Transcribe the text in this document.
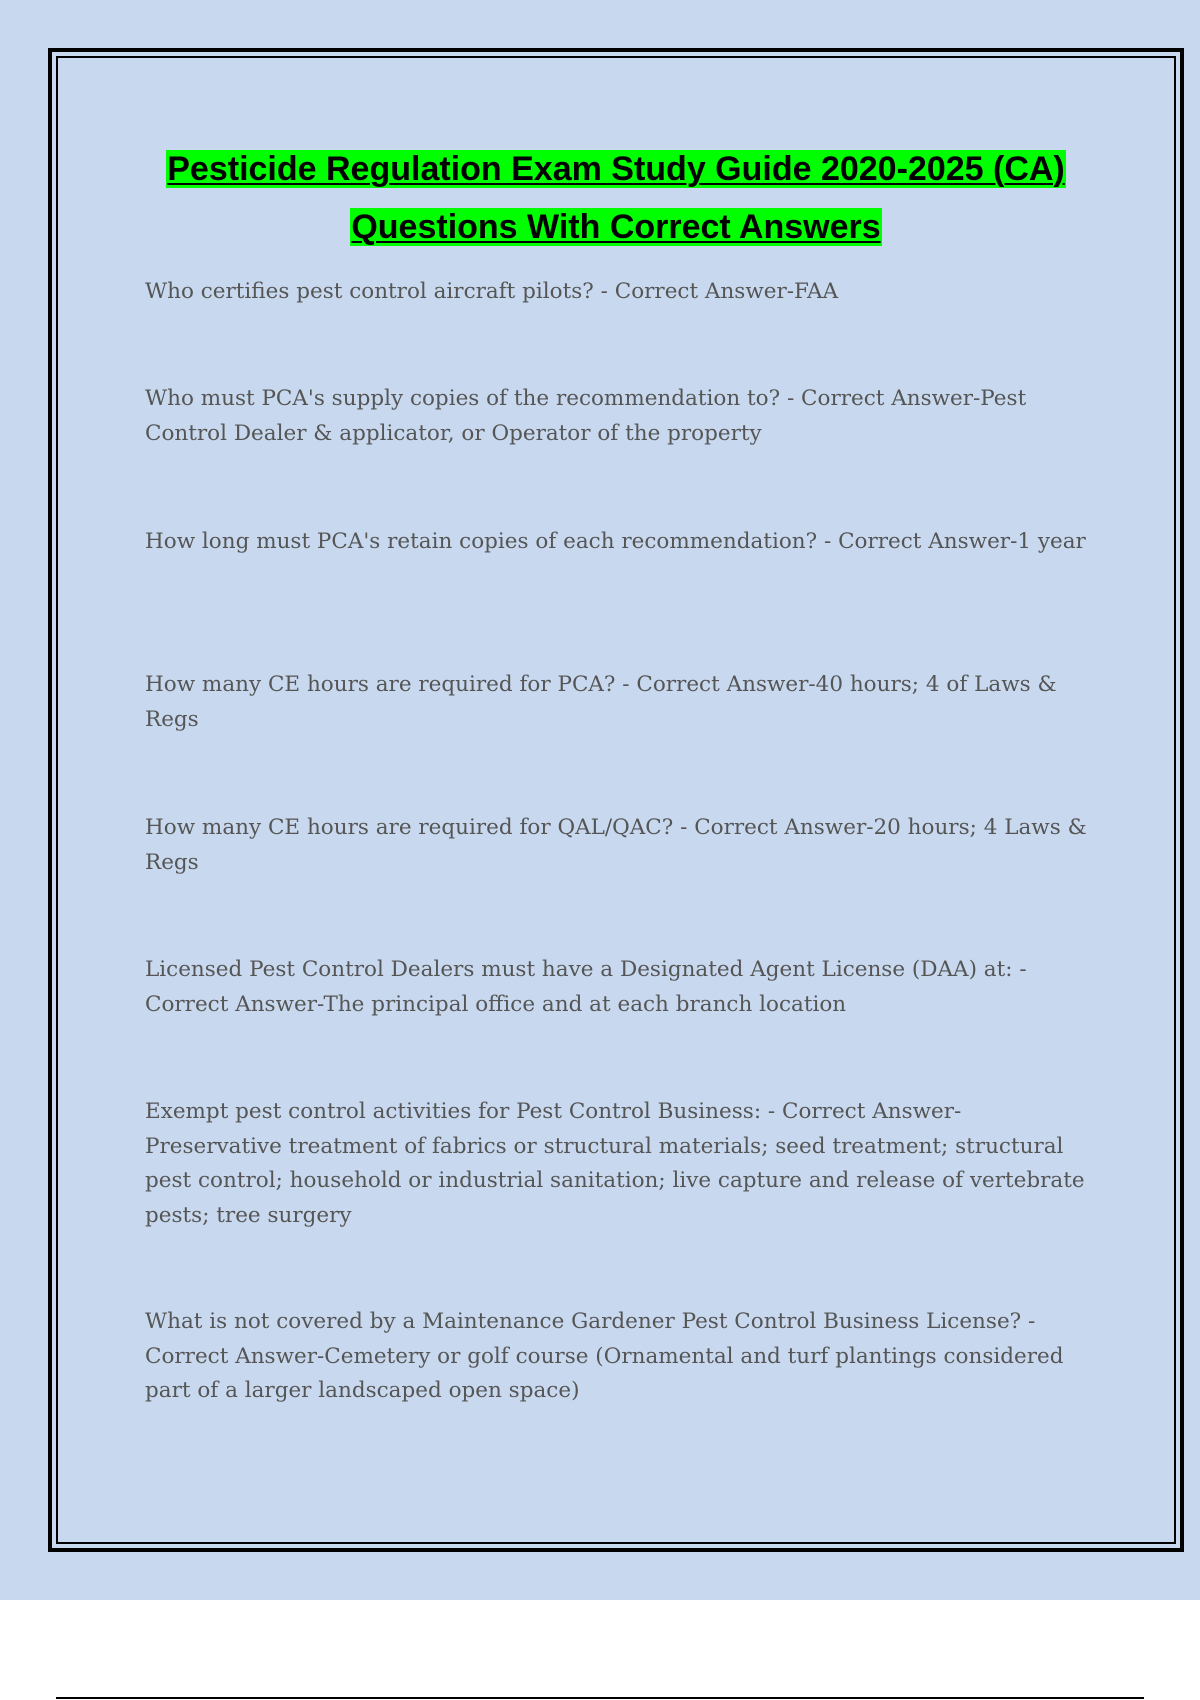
Pesticide Regulation Exam Study Guide 2020-2025 (CA)
Questions With Correct Answers

Who certifies pest control aircraft pilots? - Correct Answer-FAA

Who must PCA's supply copies of the recommendation to? - Correct Answer-Pest Control Dealer & applicator, or Operator of the property

How long must PCA's retain copies of each recommendation? - Correct Answer-1 year

How many CE hours are required for PCA? - Correct Answer-40 hours; 4 of Laws & Regs

How many CE hours are required for QAL/QAC? - Correct Answer-20 hours; 4 Laws & Regs

Licensed Pest Control Dealers must have a Designated Agent License (DAA) at: - Correct Answer-The principal office and at each branch location

Exempt pest control activities for Pest Control Business: - Correct Answer-Preservative treatment of fabrics or structural materials; seed treatment; structural pest control; household or industrial sanitation; live capture and release of vertebrate pests; tree surgery

What is not covered by a Maintenance Gardener Pest Control Business License? - Correct Answer-Cemetery or golf course (Ornamental and turf plantings considered part of a larger landscaped open space)
